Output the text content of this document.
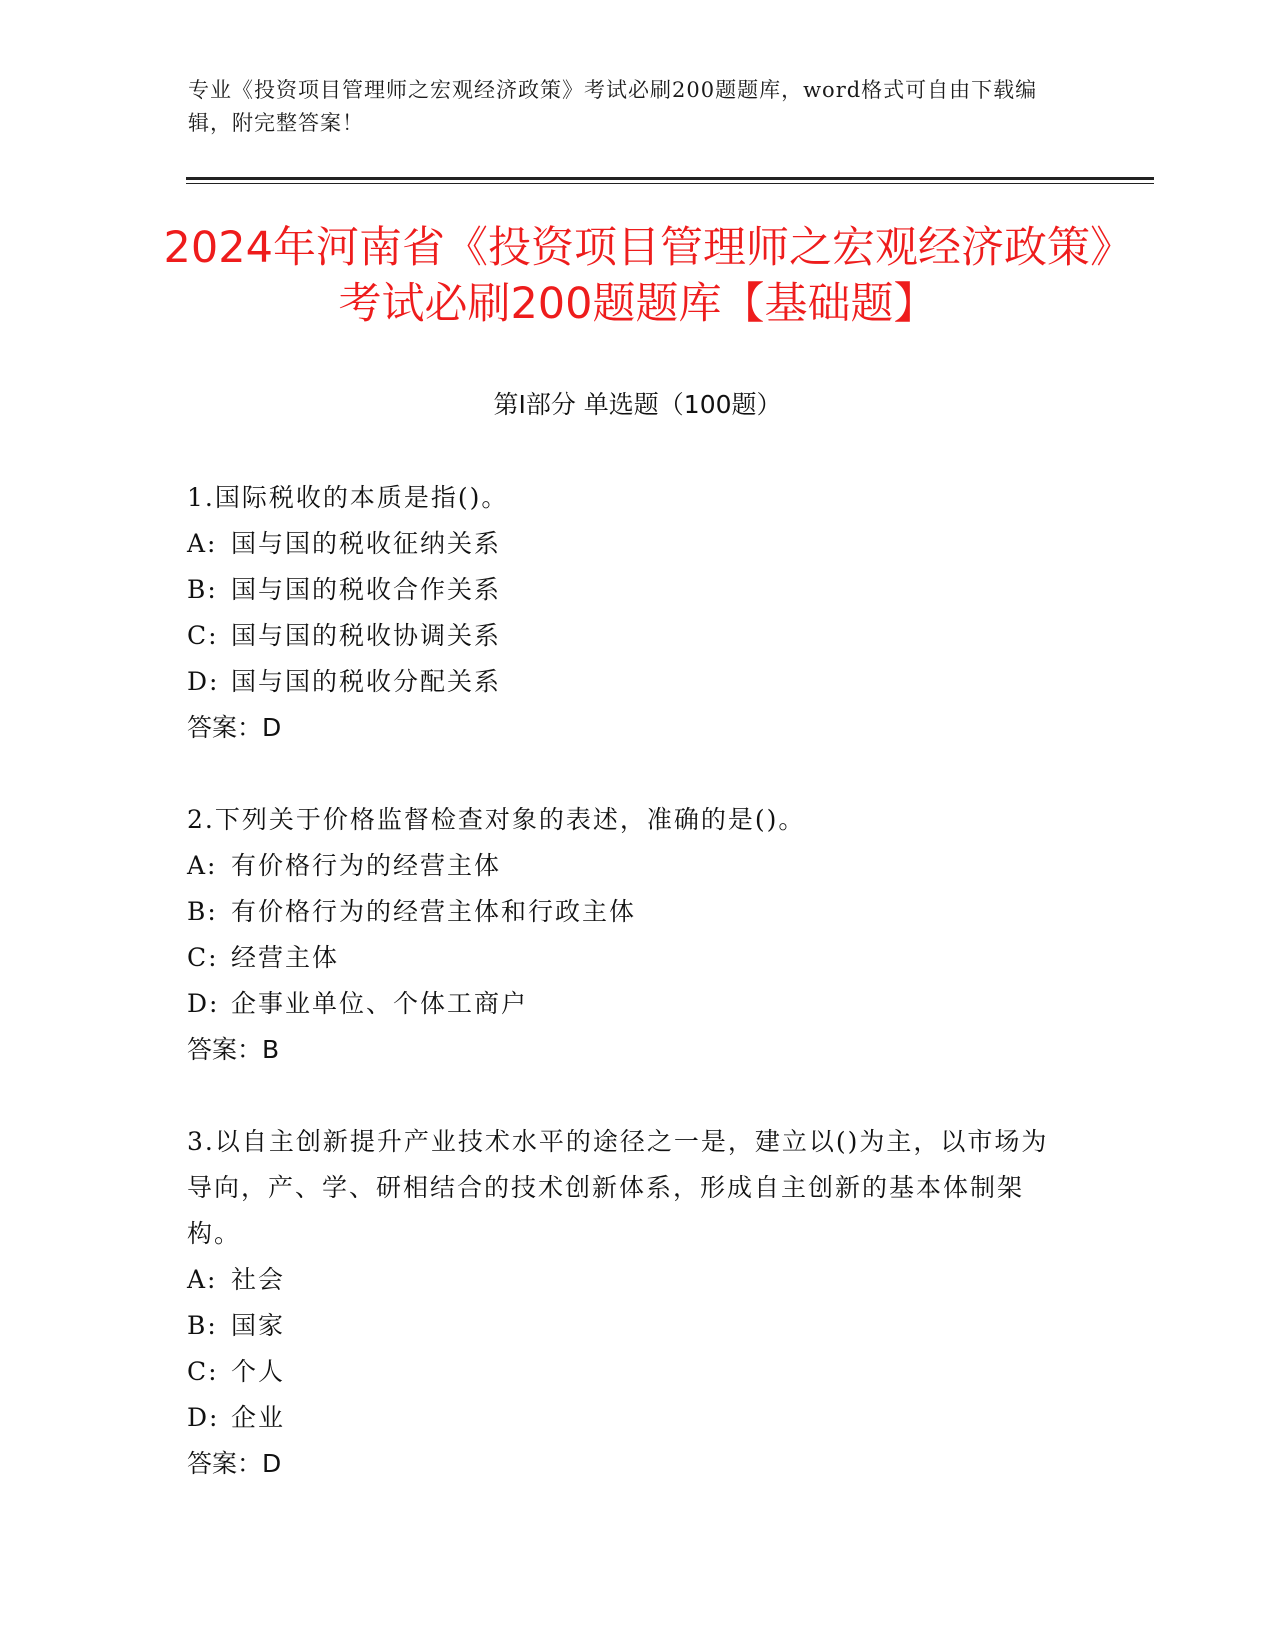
专业《投资项目管理师之宏观经济政策》考试必刷200题题库，word格式可自由下载编辑，附完整答案！
2024年河南省《投资项目管理师之宏观经济政策》考试必刷200题题库【基础题】
第I部分 单选题（100题）
1.国际税收的本质是指()。
A: 国与国的税收征纳关系
B: 国与国的税收合作关系
C: 国与国的税收协调关系
D: 国与国的税收分配关系
答案：D
2.下列关于价格监督检查对象的表述，准确的是()。
A: 有价格行为的经营主体
B: 有价格行为的经营主体和行政主体
C: 经营主体
D: 企事业单位、个体工商户
答案：B
3.以自主创新提升产业技术水平的途径之一是，建立以()为主，以市场为导向，产、学、研相结合的技术创新体系，形成自主创新的基本体制架构。
A: 社会
B: 国家
C: 个人
D: 企业
答案：D
